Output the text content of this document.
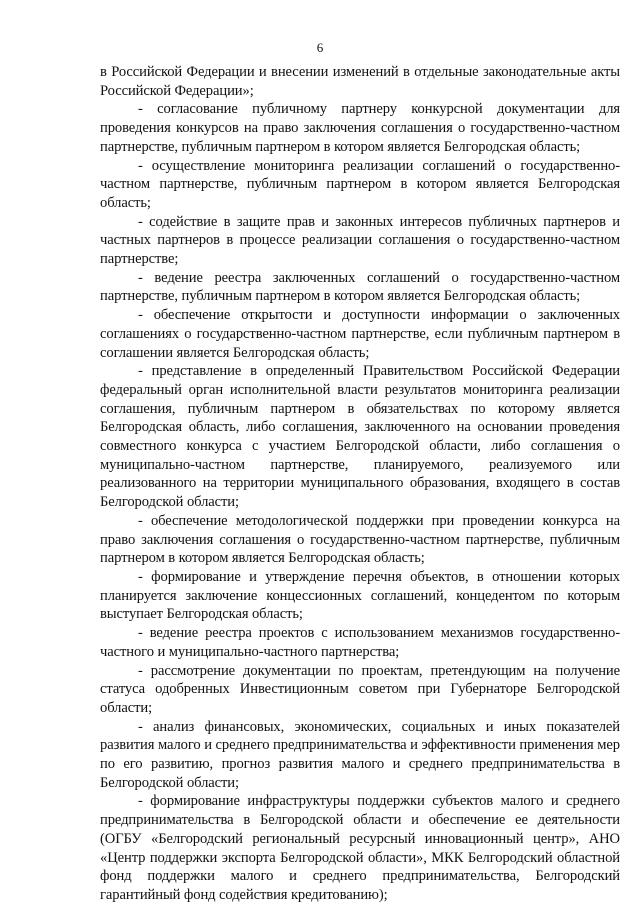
6

в Российской Федерации и внесении изменений в отдельные законодательные акты Российской Федерации»;

- согласование публичному партнеру конкурсной документации для проведения конкурсов на право заключения соглашения о государственно-частном партнерстве, публичным партнером в котором является Белгородская область;

- осуществление мониторинга реализации соглашений о государственно-частном партнерстве, публичным партнером в котором является Белгородская область;

- содействие в защите прав и законных интересов публичных партнеров и частных партнеров в процессе реализации соглашения о государственно-частном партнерстве;

- ведение реестра заключенных соглашений о государственно-частном партнерстве, публичным партнером в котором является Белгородская область;

- обеспечение открытости и доступности информации о заключенных соглашениях о государственно-частном партнерстве, если публичным партнером в соглашении является Белгородская область;

- представление в определенный Правительством Российской Федерации федеральный орган исполнительной власти результатов мониторинга реализации соглашения, публичным партнером в обязательствах по которому является Белгородская область, либо соглашения, заключенного на основании проведения совместного конкурса с участием Белгородской области, либо соглашения о муниципально-частном партнерстве, планируемого, реализуемого или реализованного на территории муниципального образования, входящего в состав Белгородской области;

- обеспечение методологической поддержки при проведении конкурса на право заключения соглашения о государственно-частном партнерстве, публичным партнером в котором является Белгородская область;

- формирование и утверждение перечня объектов, в отношении которых планируется заключение концессионных соглашений, концедентом по которым выступает Белгородская область;

- ведение реестра проектов с использованием механизмов государственно-частного и муниципально-частного партнерства;

- рассмотрение документации по проектам, претендующим на получение статуса одобренных Инвестиционным советом при Губернаторе Белгородской области;

- анализ финансовых, экономических, социальных и иных показателей развития малого и среднего предпринимательства и эффективности применения мер по его развитию, прогноз развития малого и среднего предпринимательства в Белгородской области;

- формирование инфраструктуры поддержки субъектов малого и среднего предпринимательства в Белгородской области и обеспечение ее деятельности (ОГБУ «Белгородский региональный ресурсный инновационный центр», АНО «Центр поддержки экспорта Белгородской области», МКК Белгородский областной фонд поддержки малого и среднего предпринимательства, Белгородский гарантийный фонд содействия кредитованию);
